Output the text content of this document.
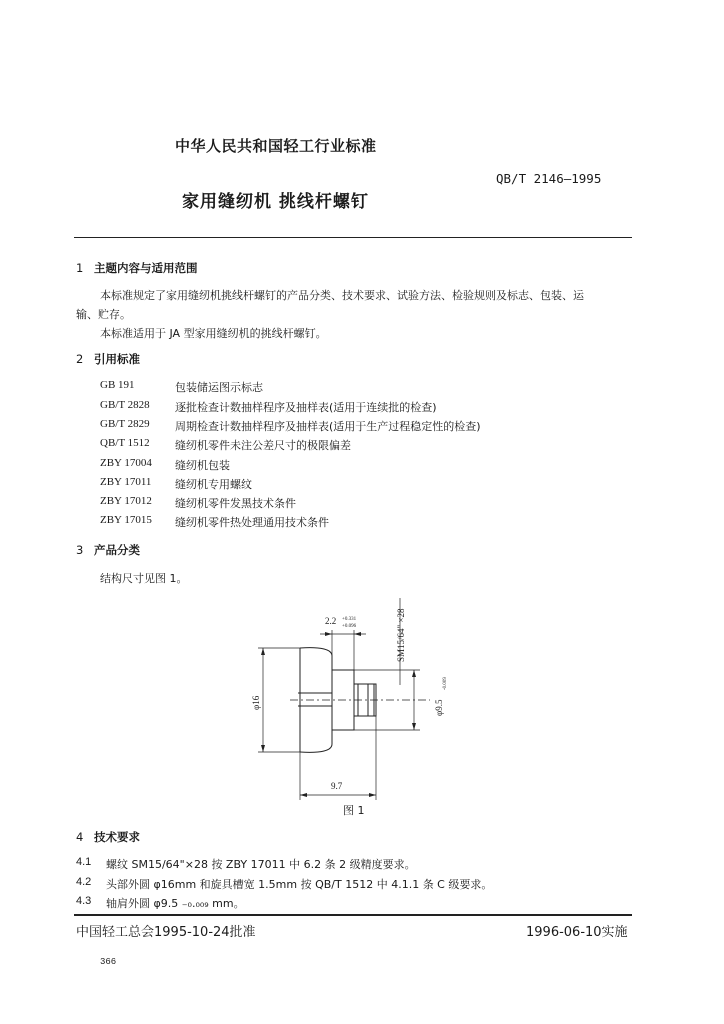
中华人民共和国轻工行业标准
QB/T 2146—1995
家用缝纫机 挑线杆螺钉
1 主题内容与适用范围
本标准规定了家用缝纫机挑线杆螺钉的产品分类、技术要求、试验方法、检验规则及标志、包装、运
输、贮存。
本标准适用于 JA 型家用缝纫机的挑线杆螺钉。
2 引用标准
GB 191	包装储运图示标志
GB/T 2828 逐批检查计数抽样程序及抽样表(适用于连续批的检查)
GB/T 2829 周期检查计数抽样程序及抽样表(适用于生产过程稳定性的检查)
QB/T 1512 缝纫机零件未注公差尺寸的极限偏差
ZBY 17004 缝纫机包装
ZBY 17011 缝纫机专用螺纹
ZBY 17012 缝纫机零件发黑技术条件
ZBY 17015 缝纫机零件热处理通用技术条件
3 产品分类
结构尺寸见图 1。
2.2 +0.331
+0.096	SM15/64" ×28
φ16	φ9.5
-0.009
9.7
图 1
4 技术要求
4.1 螺纹 SM15/64"×28 按 ZBY 17011 中 6.2 条 2 级精度要求。
4.2 头部外圆 φ16mm 和旋具槽宽 1.5mm 按 QB/T 1512 中 4.1.1 条 C 级要求。
4.3 轴肩外圆 φ9.5 ₋₀.₀₀₉ mm。
中国轻工总会1995-10-24批准	1996-06-10实施
366
